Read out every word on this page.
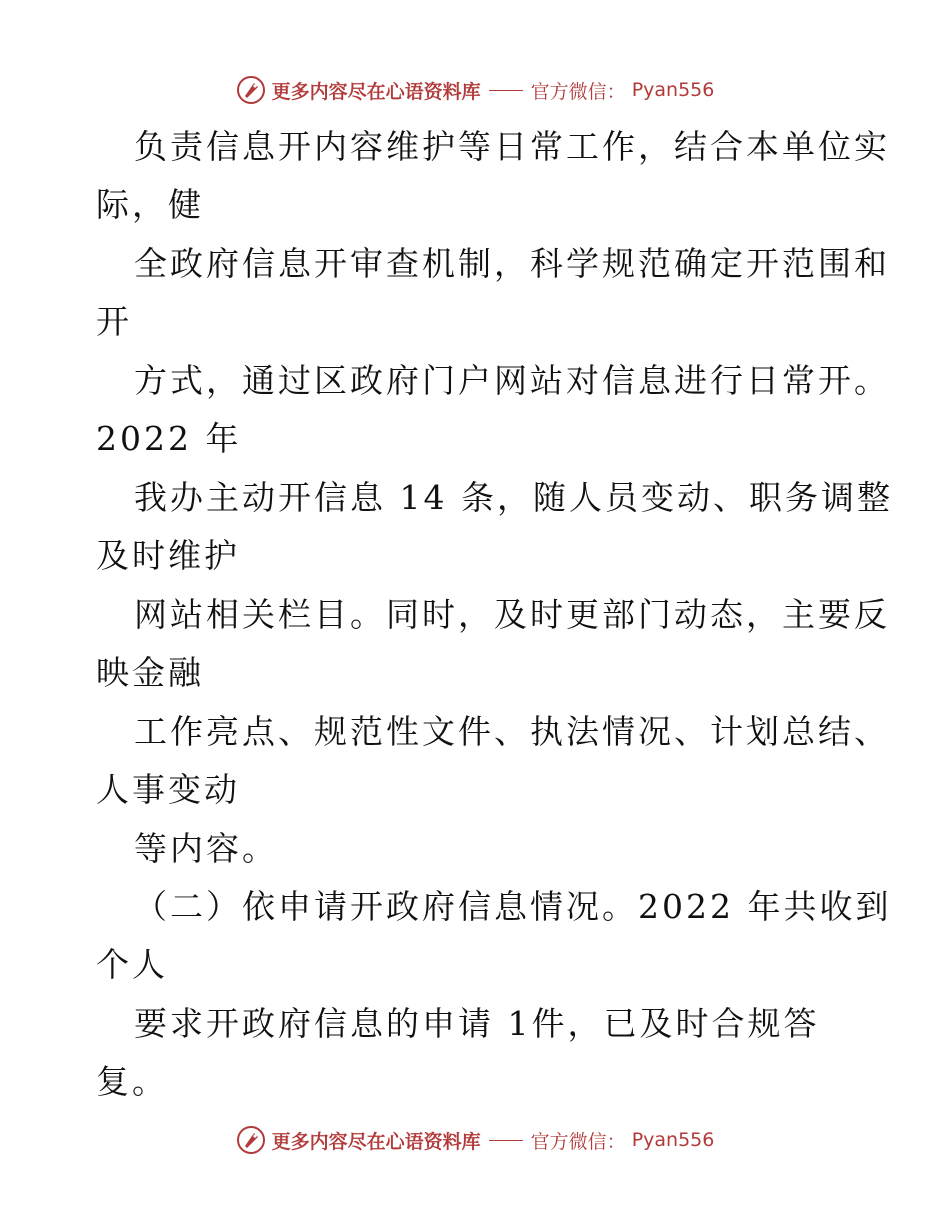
更多内容尽在心语资料库	官方微信： Pyan556
负责信息开内容维护等日常工作，结合本单位实
际，健
全政府信息开审查机制，科学规范确定开范围和
开
方式，通过区政府门户网站对信息进行日常开。
2022 年
我办主动开信息 14 条，随人员变动、职务调整
及时维护
网站相关栏目。同时，及时更部门动态，主要反
映金融
工作亮点、规范性文件、执法情况、计划总结、
人事变动
等内容。
（二）依申请开政府信息情况。2022 年共收到
个人
要求开政府信息的申请 1件，已及时合规答
复。
更多内容尽在心语资料库	官方微信： Pyan556
